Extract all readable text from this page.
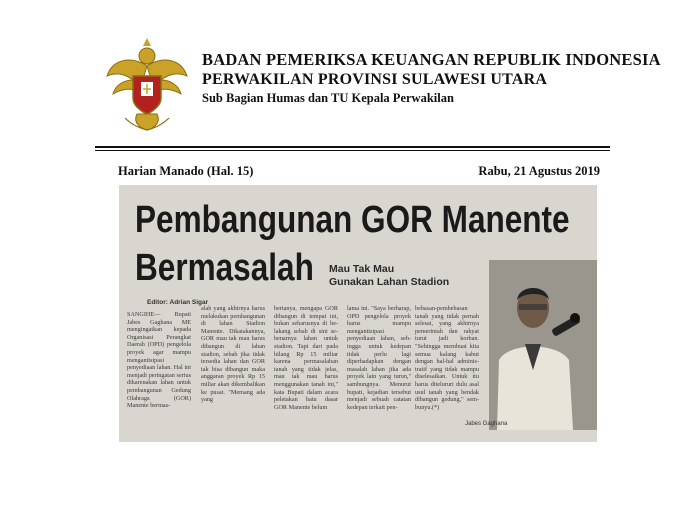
BADAN PEMERIKSA KEUANGAN REPUBLIK INDONESIA
PERWAKILAN PROVINSI SULAWESI UTARA
Sub Bagian Humas dan TU Kepala Perwakilan
Harian Manado (Hal. 15)	Rabu, 21 Agustus 2019
Pembangunan GOR Manente
Bermasalah	Mau Tak Mau
Gunakan Lahan Stadion
Editor: Adrian Sigar
SANGIHE— Bupati Jabes Gaghana ME mengingatkan kepada Organisasi Perangkat Daerah (OPD) pengelola proyek agar mampu mengantisipasi penyediaan lahan. Hal ini menjadi peringatan serius dikarenakan lahan untuk pembangunan Gedung Olahraga (GOR) Manente bermas-
alah yang akhirnya harus melakukan pembangunan di lahan Stadion Manente. Dikatakannya, GOR mau tak mau harus dibangun di lahan stadion, sebab jika tidak tersedia lahan dan GOR tak bisa dibangun maka anggaran proyek Rp 15 miliar akan dikembalikan ke pusat. "Memang ada yang
bertanya, mengapa GOR dibangun di tempat ini, bukan seharusnya di belakang sebab di sini sebenarnya lahan untuk stadion. Tapi dari pada hilang Rp 15 miliar karena permasalahan tanah yang tidak jelas, mau tak mau harus menggunakan tanah ini," kata Bupati dalam acara peletakan batu dasar GOR Manente belum
lama ini. "Saya berharap, OPD pengelola proyek harus mampu mengantisipasi penyediaan lahan, sehingga untuk kedepan tidak perlu lagi diperhadapkan dengan masalah lahan jika ada proyek lain yang turun," sambungnya. Menurut bupati, kejadian tersebut menjadi sebuah catatan kedepan terkait pen-
bebasan-pembebasan tanah yang tidak pernah selesai, yang akhirnya pemerintah dan rakyat turut jadi korban. "Sehingga membuat kita semua kalang kabut dengan hal-hal administratif yang tidak mampu diselesaikan. Untuk itu harus ditelururi dulu asal usul tanah yang hendak dibangun gedung," sembunyu.(*)
Jabes Gaghana
